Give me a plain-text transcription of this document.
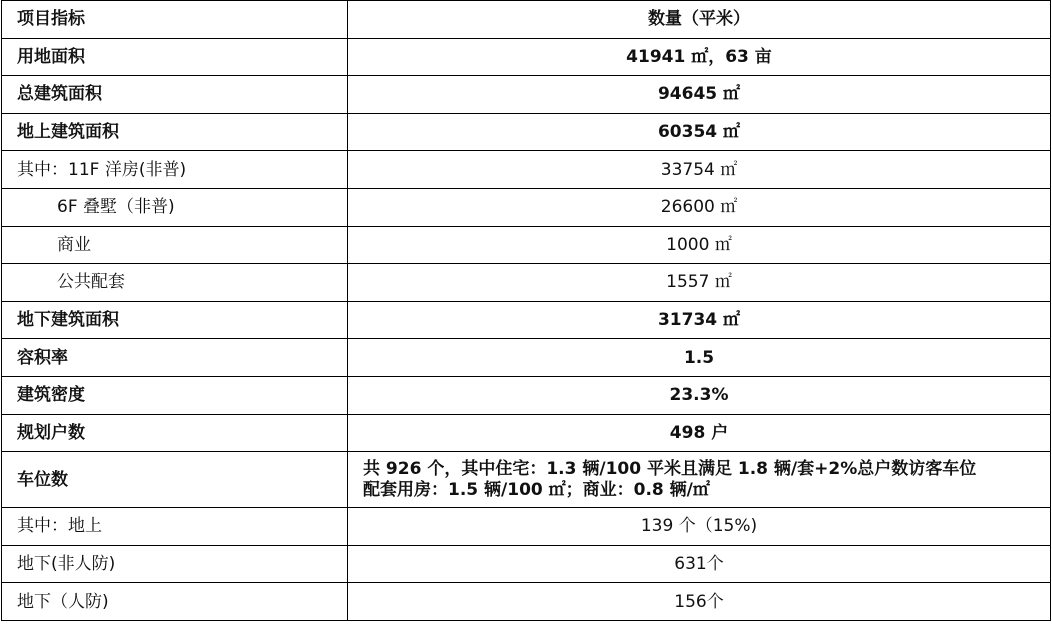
项目指标	数量（平米）
用地面积	41941 ㎡，63 亩
总建筑面积	94645 ㎡
地上建筑面积	60354 ㎡
其中：11F 洋房(非普)	33754 ㎡
6F 叠墅（非普)	26600 ㎡
商业	1000 ㎡
公共配套	1557 ㎡
地下建筑面积	31734 ㎡
容积率	1.5
建筑密度	23.3%
规划户数	498 户
车位数	共 926 个，其中住宅：1.3 辆/100 平米且满足 1.8 辆/套+2%总户数访客车位
配套用房：1.5 辆/100 ㎡；商业：0.8 辆/㎡

其中：地上	139 个（15%)
地下(非人防)	631个
地下（人防)	156个
